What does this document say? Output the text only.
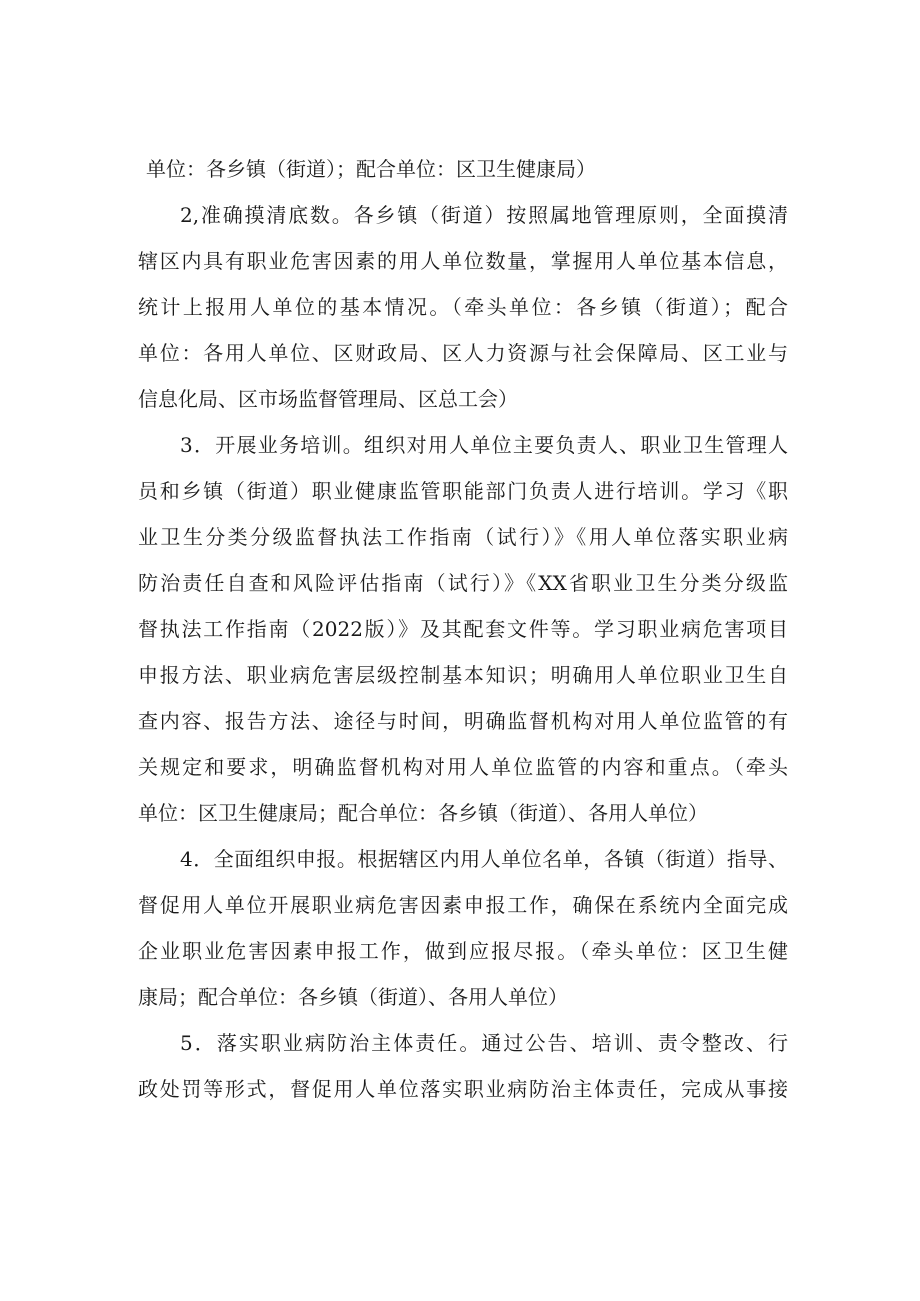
单位：各乡镇（街道）；配合单位：区卫生健康局）
2,准确摸清底数。各乡镇（街道）按照属地管理原则，全面摸清
辖区内具有职业危害因素的用人单位数量，掌握用人单位基本信息，
统计上报用人单位的基本情况。（牵头单位：各乡镇（街道）；配合
单位：各用人单位、区财政局、区人力资源与社会保障局、区工业与
信息化局、区市场监督管理局、区总工会）
3．开展业务培训。组织对用人单位主要负责人、职业卫生管理人
员和乡镇（街道）职业健康监管职能部门负责人进行培训。学习《职
业卫生分类分级监督执法工作指南（试行）》《用人单位落实职业病
防治责任自查和风险评估指南（试行）》《XX省职业卫生分类分级监
督执法工作指南（2022版）》及其配套文件等。学习职业病危害项目
申报方法、职业病危害层级控制基本知识；明确用人单位职业卫生自
查内容、报告方法、途径与时间，明确监督机构对用人单位监管的有
关规定和要求，明确监督机构对用人单位监管的内容和重点。（牵头
单位：区卫生健康局；配合单位：各乡镇（街道）、各用人单位）
4．全面组织申报。根据辖区内用人单位名单，各镇（街道）指导、
督促用人单位开展职业病危害因素申报工作，确保在系统内全面完成
企业职业危害因素申报工作，做到应报尽报。（牵头单位：区卫生健
康局；配合单位：各乡镇（街道）、各用人单位）
5．落实职业病防治主体责任。通过公告、培训、责令整改、行
政处罚等形式，督促用人单位落实职业病防治主体责任，完成从事接
